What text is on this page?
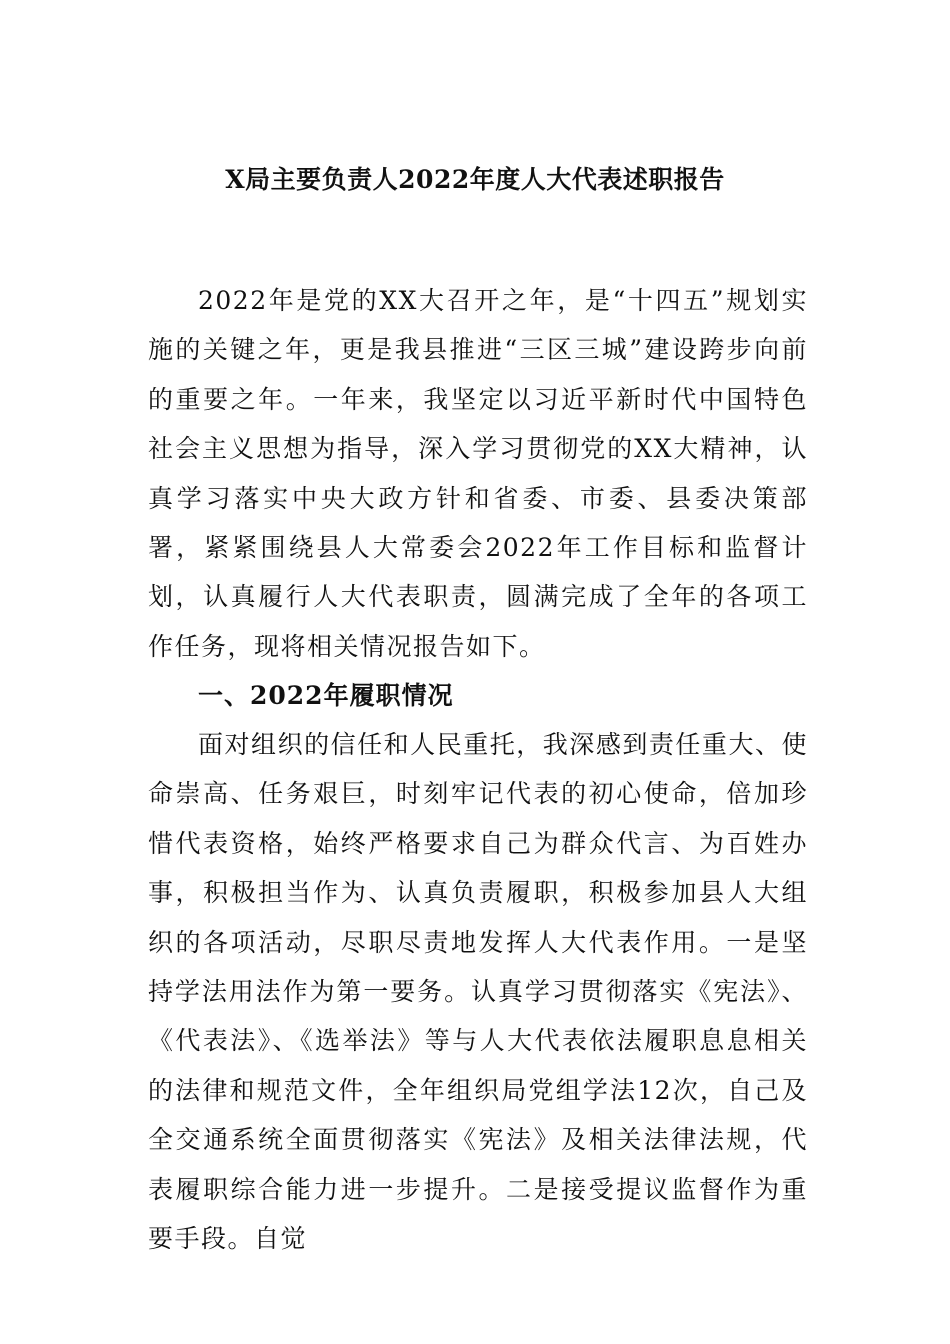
X局主要负责人2022年度人大代表述职报告

2022年是党的XX大召开之年，是“十四五”规划实施的关键之年，更是我县推进“三区三城”建设跨步向前的重要之年。一年来，我坚定以习近平新时代中国特色社会主义思想为指导，深入学习贯彻党的XX大精神，认真学习落实中央大政方针和省委、市委、县委决策部署，紧紧围绕县人大常委会2022年工作目标和监督计划，认真履行人大代表职责，圆满完成了全年的各项工作任务，现将相关情况报告如下。

一、2022年履职情况

面对组织的信任和人民重托，我深感到责任重大、使命崇高、任务艰巨，时刻牢记代表的初心使命，倍加珍惜代表资格，始终严格要求自己为群众代言、为百姓办事，积极担当作为、认真负责履职，积极参加县人大组织的各项活动，尽职尽责地发挥人大代表作用。一是坚持学法用法作为第一要务。认真学习贯彻落实《宪法》、《代表法》、《选举法》等与人大代表依法履职息息相关的法律和规范文件，全年组织局党组学法12次，自己及全交通系统全面贯彻落实《宪法》及相关法律法规，代表履职综合能力进一步提升。二是接受提议监督作为重要手段。自觉
